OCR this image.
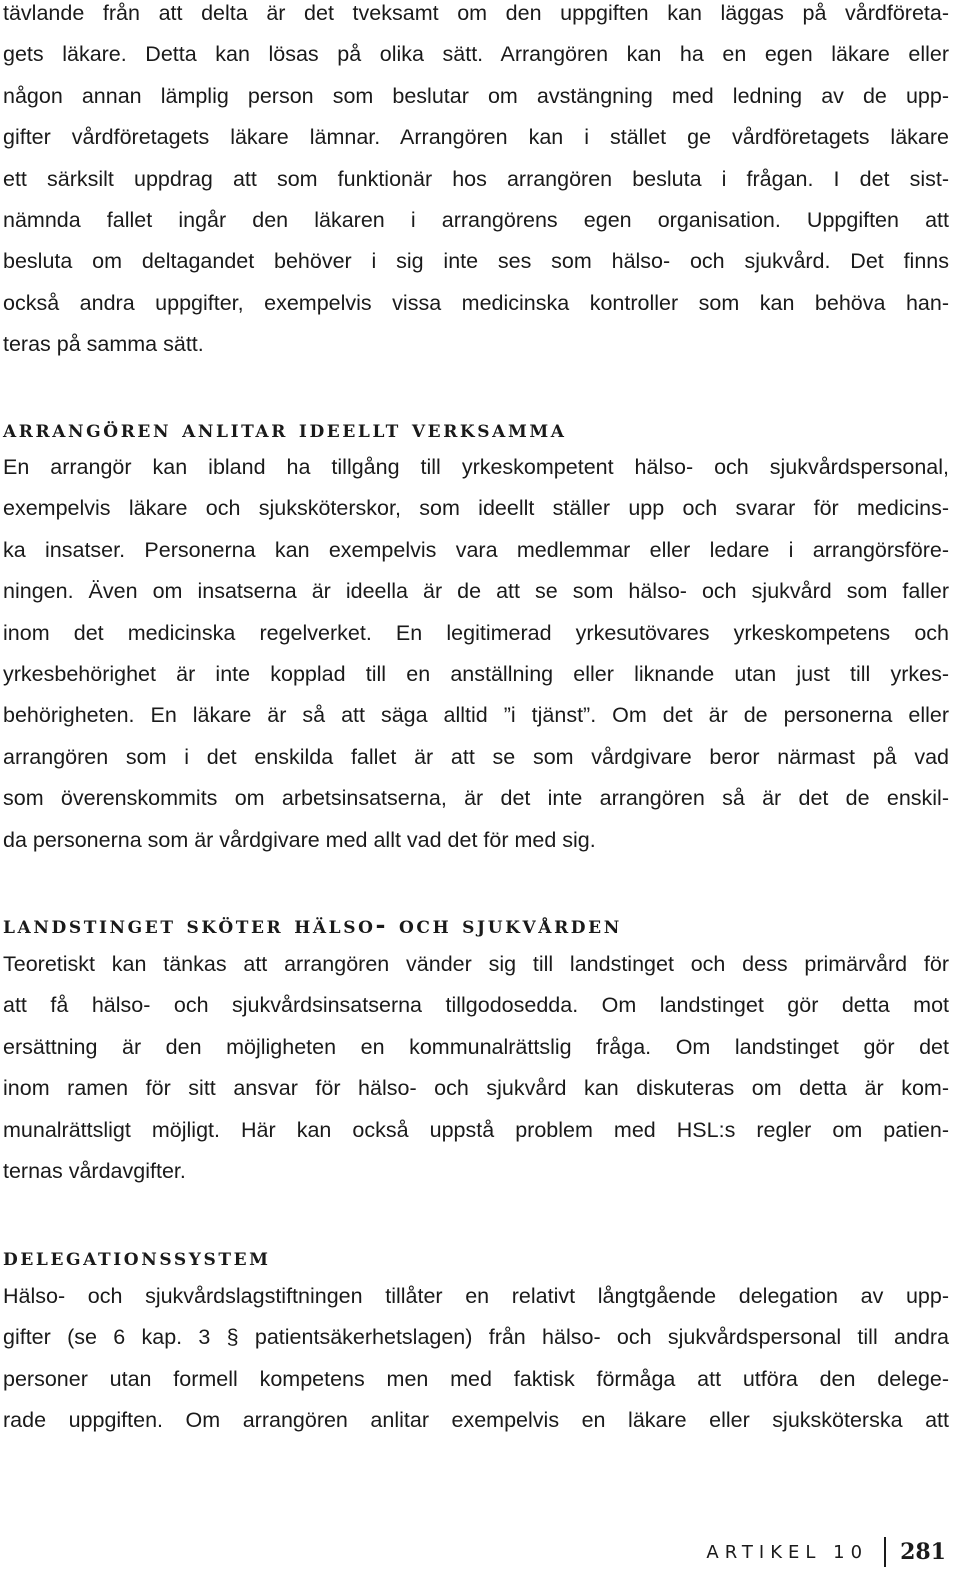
tävlande från att delta är det tveksamt om den uppgiften kan läggas på vårdföreta-
gets läkare. Detta kan lösas på olika sätt. Arrangören kan ha en egen läkare eller
någon annan lämplig person som beslutar om avstängning med ledning av de upp-
gifter vårdföretagets läkare lämnar. Arrangören kan i stället ge vårdföretagets läkare
ett särksilt uppdrag att som funktionär hos arrangören besluta i frågan. I det sist-
nämnda fallet ingår den läkaren i arrangörens egen organisation. Uppgiften att
besluta om deltagandet behöver i sig inte ses som hälso- och sjukvård. Det finns
också andra uppgifter, exempelvis vissa medicinska kontroller som kan behöva han-
teras på samma sätt.

arrangören anlitar ideellt verksamma

En arrangör kan ibland ha tillgång till yrkeskompetent hälso- och sjukvårdspersonal,
exempelvis läkare och sjuksköterskor, som ideellt ställer upp och svarar för medicins-
ka insatser. Personerna kan exempelvis vara medlemmar eller ledare i arrangörsföre-
ningen. Även om insatserna är ideella är de att se som hälso- och sjukvård som faller
inom det medicinska regelverket. En legitimerad yrkesutövares yrkeskompetens och
yrkesbehörighet är inte kopplad till en anställning eller liknande utan just till yrkes-
behörigheten. En läkare är så att säga alltid ”i tjänst”. Om det är de personerna eller
arrangören som i det enskilda fallet är att se som vårdgivare beror närmast på vad
som överenskommits om arbetsinsatserna, är det inte arrangören så är det de enskil-
da personerna som är vårdgivare med allt vad det för med sig.

landstinget sköter hälso- och sjukvården

Teoretiskt kan tänkas att arrangören vänder sig till landstinget och dess primärvård för
att få hälso- och sjukvårdsinsatserna tillgodosedda. Om landstinget gör detta mot
ersättning är den möjligheten en kommunalrättslig fråga. Om landstinget gör det
inom ramen för sitt ansvar för hälso- och sjukvård kan diskuteras om detta är kom-
munalrättsligt möjligt. Här kan också uppstå problem med HSL:s regler om patien-
ternas vårdavgifter.

delegationssystem

Hälso- och sjukvårdslagstiftningen tillåter en relativt långtgående delegation av upp-
gifter (se 6 kap. 3 § patientsäkerhetslagen) från hälso- och sjukvårdspersonal till andra
personer utan formell kompetens men med faktisk förmåga att utföra den delege-
rade uppgiften. Om arrangören anlitar exempelvis en läkare eller sjuksköterska att

ARTIKEL 10 281
